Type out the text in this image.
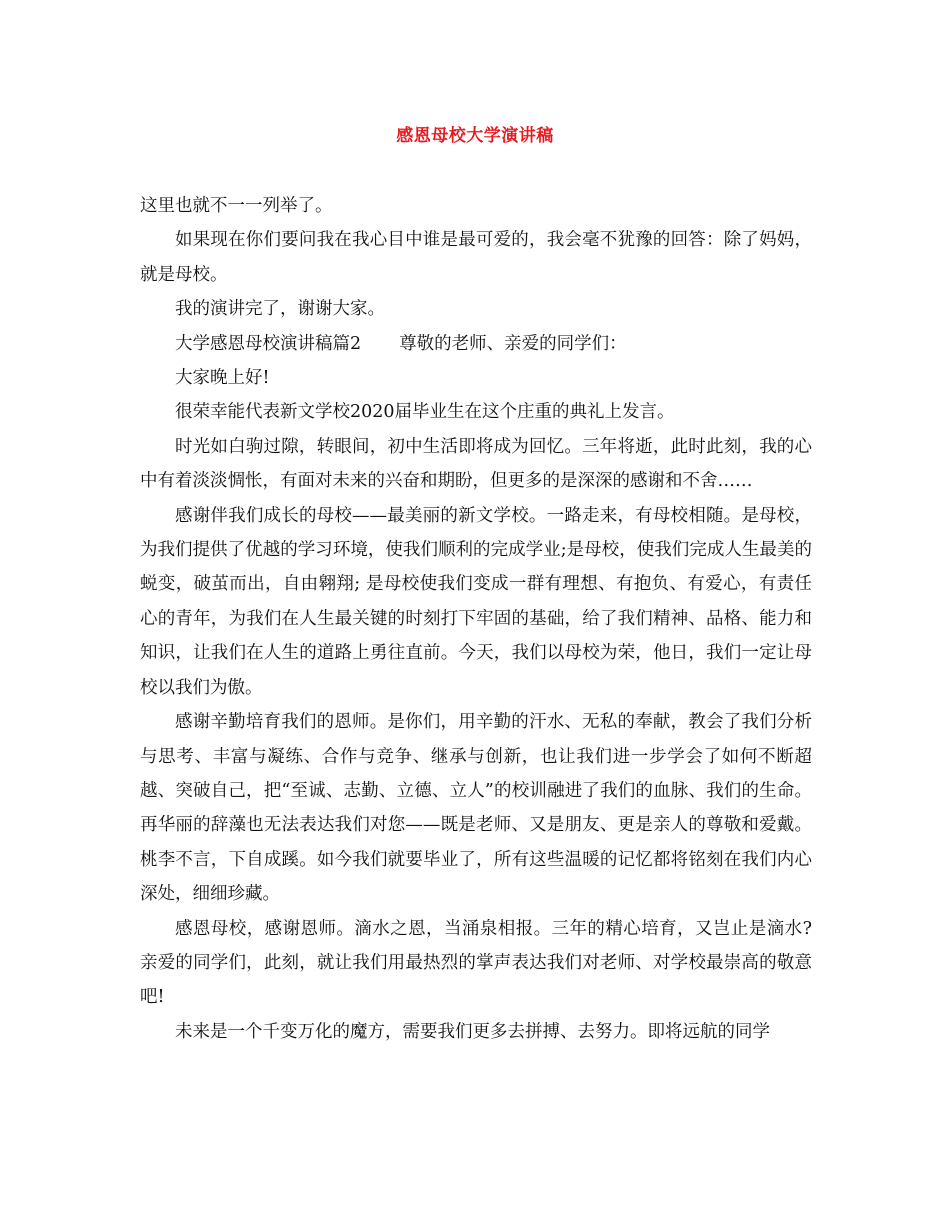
感恩母校大学演讲稿

这里也就不一一列举了。

如果现在你们要问我在我心目中谁是最可爱的，我会毫不犹豫的回答：除了妈妈，就是母校。

我的演讲完了，谢谢大家。

大学感恩母校演讲稿篇2 尊敬的老师、亲爱的同学们：

大家晚上好!

很荣幸能代表新文学校2020届毕业生在这个庄重的典礼上发言。

时光如白驹过隙，转眼间，初中生活即将成为回忆。三年将逝，此时此刻，我的心中有着淡淡惆怅，有面对未来的兴奋和期盼，但更多的是深深的感谢和不舍……

感谢伴我们成长的母校——最美丽的新文学校。一路走来，有母校相随。是母校，为我们提供了优越的学习环境，使我们顺利的完成学业;是母校，使我们完成人生最美的蜕变，破茧而出，自由翱翔; 是母校使我们变成一群有理想、有抱负、有爱心，有责任心的青年，为我们在人生最关键的时刻打下牢固的基础，给了我们精神、品格、能力和知识，让我们在人生的道路上勇往直前。今天，我们以母校为荣，他日，我们一定让母校以我们为傲。

感谢辛勤培育我们的恩师。是你们，用辛勤的汗水、无私的奉献，教会了我们分析与思考、丰富与凝练、合作与竞争、继承与创新，也让我们进一步学会了如何不断超越、突破自己，把“至诚、志勤、立德、立人”的校训融进了我们的血脉、我们的生命。再华丽的辞藻也无法表达我们对您——既是老师、又是朋友、更是亲人的尊敬和爱戴。桃李不言，下自成蹊。如今我们就要毕业了，所有这些温暖的记忆都将铭刻在我们内心深处，细细珍藏。

感恩母校，感谢恩师。滴水之恩，当涌泉相报。三年的精心培育，又岂止是滴水?亲爱的同学们，此刻，就让我们用最热烈的掌声表达我们对老师、对学校最崇高的敬意吧!

未来是一个千变万化的魔方，需要我们更多去拼搏、去努力。即将远航的同学
